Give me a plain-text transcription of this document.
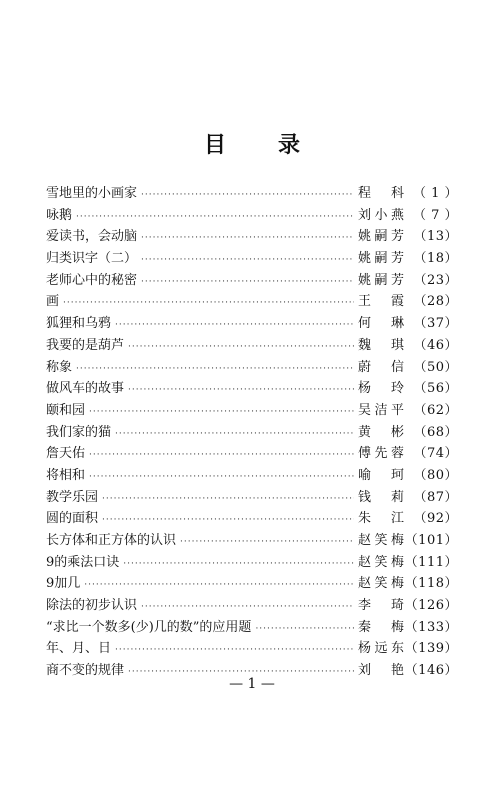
目 录
雪地里的小画家 ·····	程　科 （ 1 ）
咏鹅 ·····	刘小燕 （ 7 ）
爱读书，会动脑 ·····	姚嗣芳 （13）
归类识字（二） ·····	姚嗣芳 （18）
老师心中的秘密 ·····	姚嗣芳 （23）
画 ·····	王　霞 （28）
狐狸和乌鸦 ·····	何　琳 （37）
我要的是葫芦 ·····	魏　琪 （46）
称象 ·····	蔚　信 （50）
做风车的故事 ·····	杨　玲 （56）
颐和园 ·····	吴洁平 （62）
我们家的猫 ·····	黄　彬 （68）
詹天佑 ·····	傅先蓉 （74）
将相和 ·····	喻　珂 （80）
教学乐园 ·····	钱　莉 （87）
圆的面积 ·····	朱　江 （92）
长方体和正方体的认识 ·····	赵笑梅 （101）
9的乘法口诀 ·····	赵笑梅 （111）
9加几 ·····	赵笑梅 （118）
除法的初步认识 ·····	李　琦 （126）
“求比一个数多(少)几的数”的应用题 ·····	秦　梅 （133）
年、月、日 ·····	杨远东 （139）
商不变的规律 ·····	刘　艳 （146）
— 1 —
